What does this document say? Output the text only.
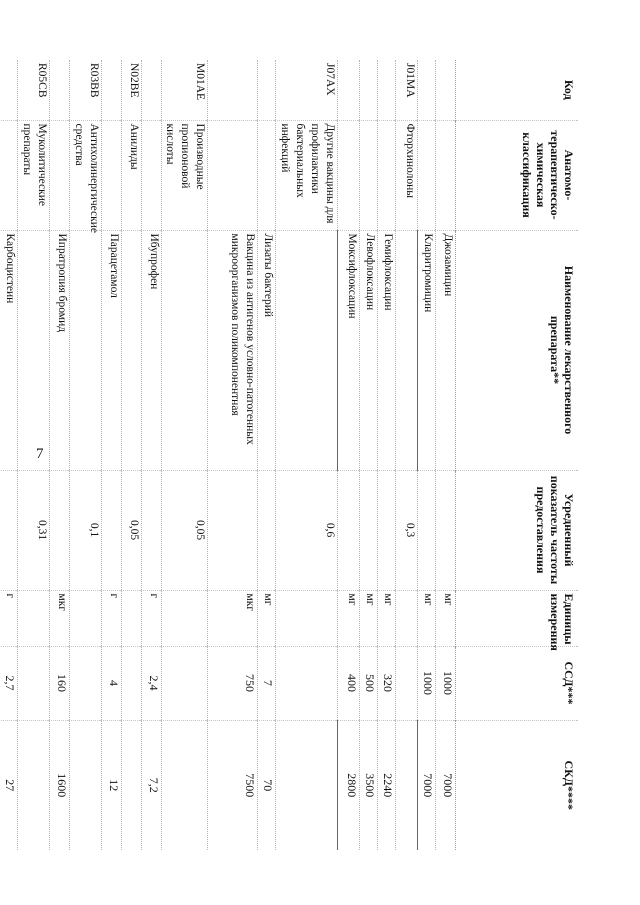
7
Код	Анатомо-терапевтическо-химическая классификация	Наименование лекарственного препарата**	Усредненный показатель частоты предоставления	Единицы измерения	ССД***	СКД****
		Джозамицин		мг	1000	7000
		Кларитромицин		мг	1000	7000
J01MA	Фторхинолоны		0,3			
		Гемифлоксацин		мг	320	2240
		Левофлоксацин		мг	500	3500
		Моксифлоксацин		мг	400	2800
J07AX	Другие вакцины для профилактики бактериальных инфекций		0,6			
		Лизаты бактерий		мг	7	70
		Вакцина из антигенов условно-патогенных микроорганизмов поликомпонентная		мкг	750	7500
M01AE	Производные пропионовой кислоты		0,05			
		Ибупрофен		г	2,4	7,2
N02BE	Анилиды		0,05			
		Парацетамол		г	4	12
R03BB	Антихолинергические средства		0,1			
		Ипратропия бромид		мкг	160	1600
R05CB	Муколитические препараты		0,31			
		Карбоцистеин		г	2,7	27
